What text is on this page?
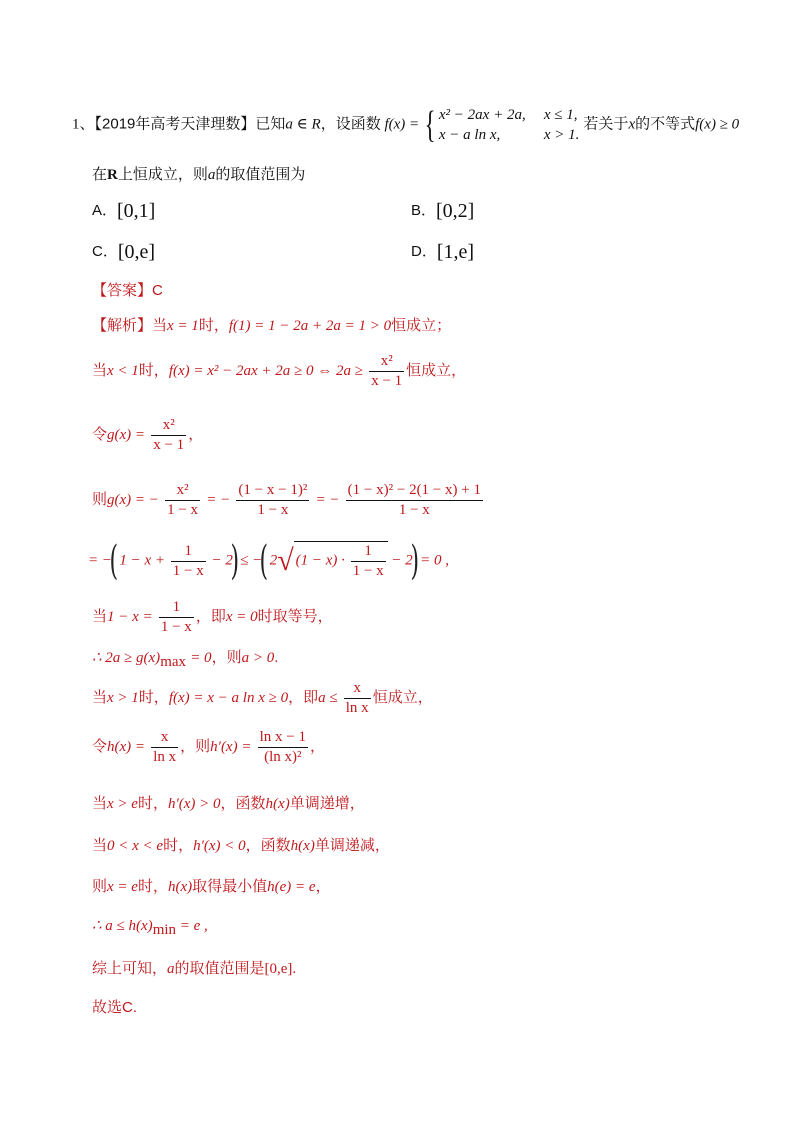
1、【2019年高考天津理数】已知a ∈ R，设函数 f(x) = { x² − 2ax + 2a,	x ≤ 1,
x − a ln x,	x > 1.
若关于x的不等式f(x) ≥ 0
在R上恒成立，则a的取值范围为
A．[0,1]	B．[0,2]
C．[0,e]	D．[1,e]
【答案】C
【解析】当x = 1时，f(1) = 1 − 2a + 2a = 1 > 0恒成立；
当x < 1时，f(x) = x² − 2ax + 2a ≥ 0 ⇔ $2a \ge \frac{\text{x²}}{x - 1}$ 恒成立，
令$g(x) = \frac{\text{x²}}{x - 1}$ ，
则g(x) = − $\frac{\text{x²}}{1 - x}$ = − $\frac{\text{(1 − x − 1)²}}{1 - x}$ = − $\frac{\text{(1 − x)² − 2(1 − x) + 1}}{1 - x}$
= −( $1 - x + \frac{1}{1 - x} - 2$) ≤ −( 2√ $(1 - x) \cdot \frac{1}{1 - x} - 2) = 0$ ,
当$1 - x = \frac{1}{1 - x}$ ，即x = 0时取等号，
∴ $2a \ge g(x)_{max} = 0$，则a > 0.
当x > 1时，f(x) = x − a ln x ≥ 0，即$a \le \frac{x}{\text{ln x}}$ 恒成立，
令$h(x) = \frac{x}{\text{ln x}}$ ，则$h'(x) = \frac{\text{ln x − 1}}{\text{(ln x)²}}$ ，
当x > e时，h′(x) > 0，函数h(x)单调递增，
当0 < x < e时，h′(x) < 0，函数h(x)单调递减，
则x = e时，h(x)取得最小值h(e) = e，
∴ $a \le h(x)_{min} = e$ ,
综上可知，a的取值范围是[0,e].
故选C.
